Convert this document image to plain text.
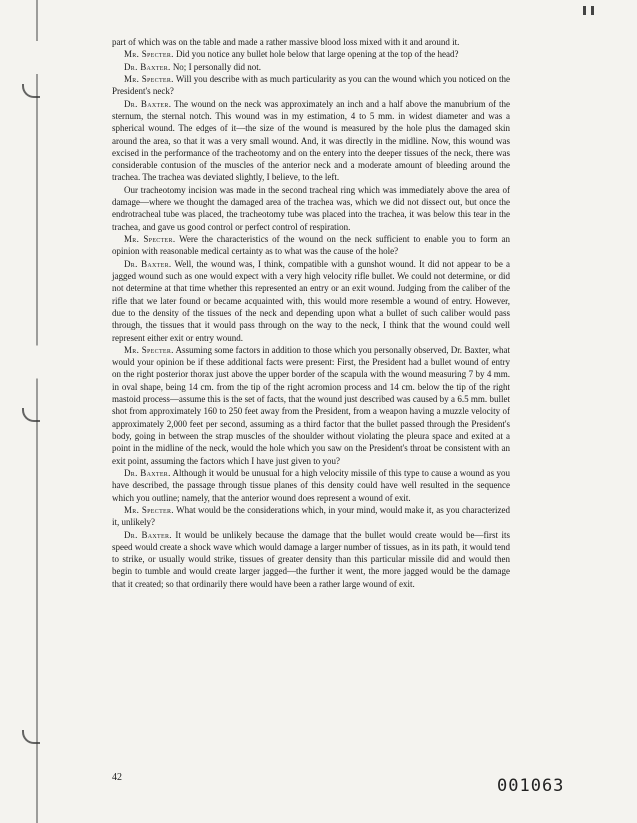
part of which was on the table and made a rather massive blood loss mixed with it and around it.

Mr. Specter. Did you notice any bullet hole below that large opening at the top of the head?

Dr. Baxter. No; I personally did not.

Mr. Specter. Will you describe with as much particularity as you can the wound which you noticed on the President's neck?

Dr. Baxter. The wound on the neck was approximately an inch and a half above the manubrium of the sternum, the sternal notch. This wound was in my estimation, 4 to 5 mm. in widest diameter and was a spherical wound. The edges of it—the size of the wound is measured by the hole plus the damaged skin around the area, so that it was a very small wound. And, it was directly in the midline. Now, this wound was excised in the performance of the tracheotomy and on the entery into the deeper tissues of the neck, there was considerable contusion of the muscles of the anterior neck and a moderate amount of bleeding around the trachea. The trachea was deviated slightly, I believe, to the left.

Our tracheotomy incision was made in the second tracheal ring which was immediately above the area of damage—where we thought the damaged area of the trachea was, which we did not dissect out, but once the endrotracheal tube was placed, the tracheotomy tube was placed into the trachea, it was below this tear in the trachea, and gave us good control or perfect control of respiration.

Mr. Specter. Were the characteristics of the wound on the neck sufficient to enable you to form an opinion with reasonable medical certainty as to what was the cause of the hole?

Dr. Baxter. Well, the wound was, I think, compatible with a gunshot wound. It did not appear to be a jagged wound such as one would expect with a very high velocity rifle bullet. We could not determine, or did not determine at that time whether this represented an entry or an exit wound. Judging from the caliber of the rifle that we later found or became acquainted with, this would more resemble a wound of entry. However, due to the density of the tissues of the neck and depending upon what a bullet of such caliber would pass through, the tissues that it would pass through on the way to the neck, I think that the wound could well represent either exit or entry wound.

Mr. Specter. Assuming some factors in addition to those which you personally observed, Dr. Baxter, what would your opinion be if these additional facts were present: First, the President had a bullet wound of entry on the right posterior thorax just above the upper border of the scapula with the wound measuring 7 by 4 mm. in oval shape, being 14 cm. from the tip of the right acromion process and 14 cm. below the tip of the right mastoid process—assume this is the set of facts, that the wound just described was caused by a 6.5 mm. bullet shot from approximately 160 to 250 feet away from the President, from a weapon having a muzzle velocity of approximately 2,000 feet per second, assuming as a third factor that the bullet passed through the President's body, going in between the strap muscles of the shoulder without violating the pleura space and exited at a point in the midline of the neck, would the hole which you saw on the President's throat be consistent with an exit point, assuming the factors which I have just given to you?

Dr. Baxter. Although it would be unusual for a high velocity missile of this type to cause a wound as you have described, the passage through tissue planes of this density could have well resulted in the sequence which you outline; namely, that the anterior wound does represent a wound of exit.

Mr. Specter. What would be the considerations which, in your mind, would make it, as you characterized it, unlikely?

Dr. Baxter. It would be unlikely because the damage that the bullet would create would be—first its speed would create a shock wave which would damage a larger number of tissues, as in its path, it would tend to strike, or usually would strike, tissues of greater density than this particular missile did and would then begin to tumble and would create larger jagged—the further it went, the more jagged would be the damage that it created; so that ordinarily there would have been a rather large wound of exit.

42	001063
